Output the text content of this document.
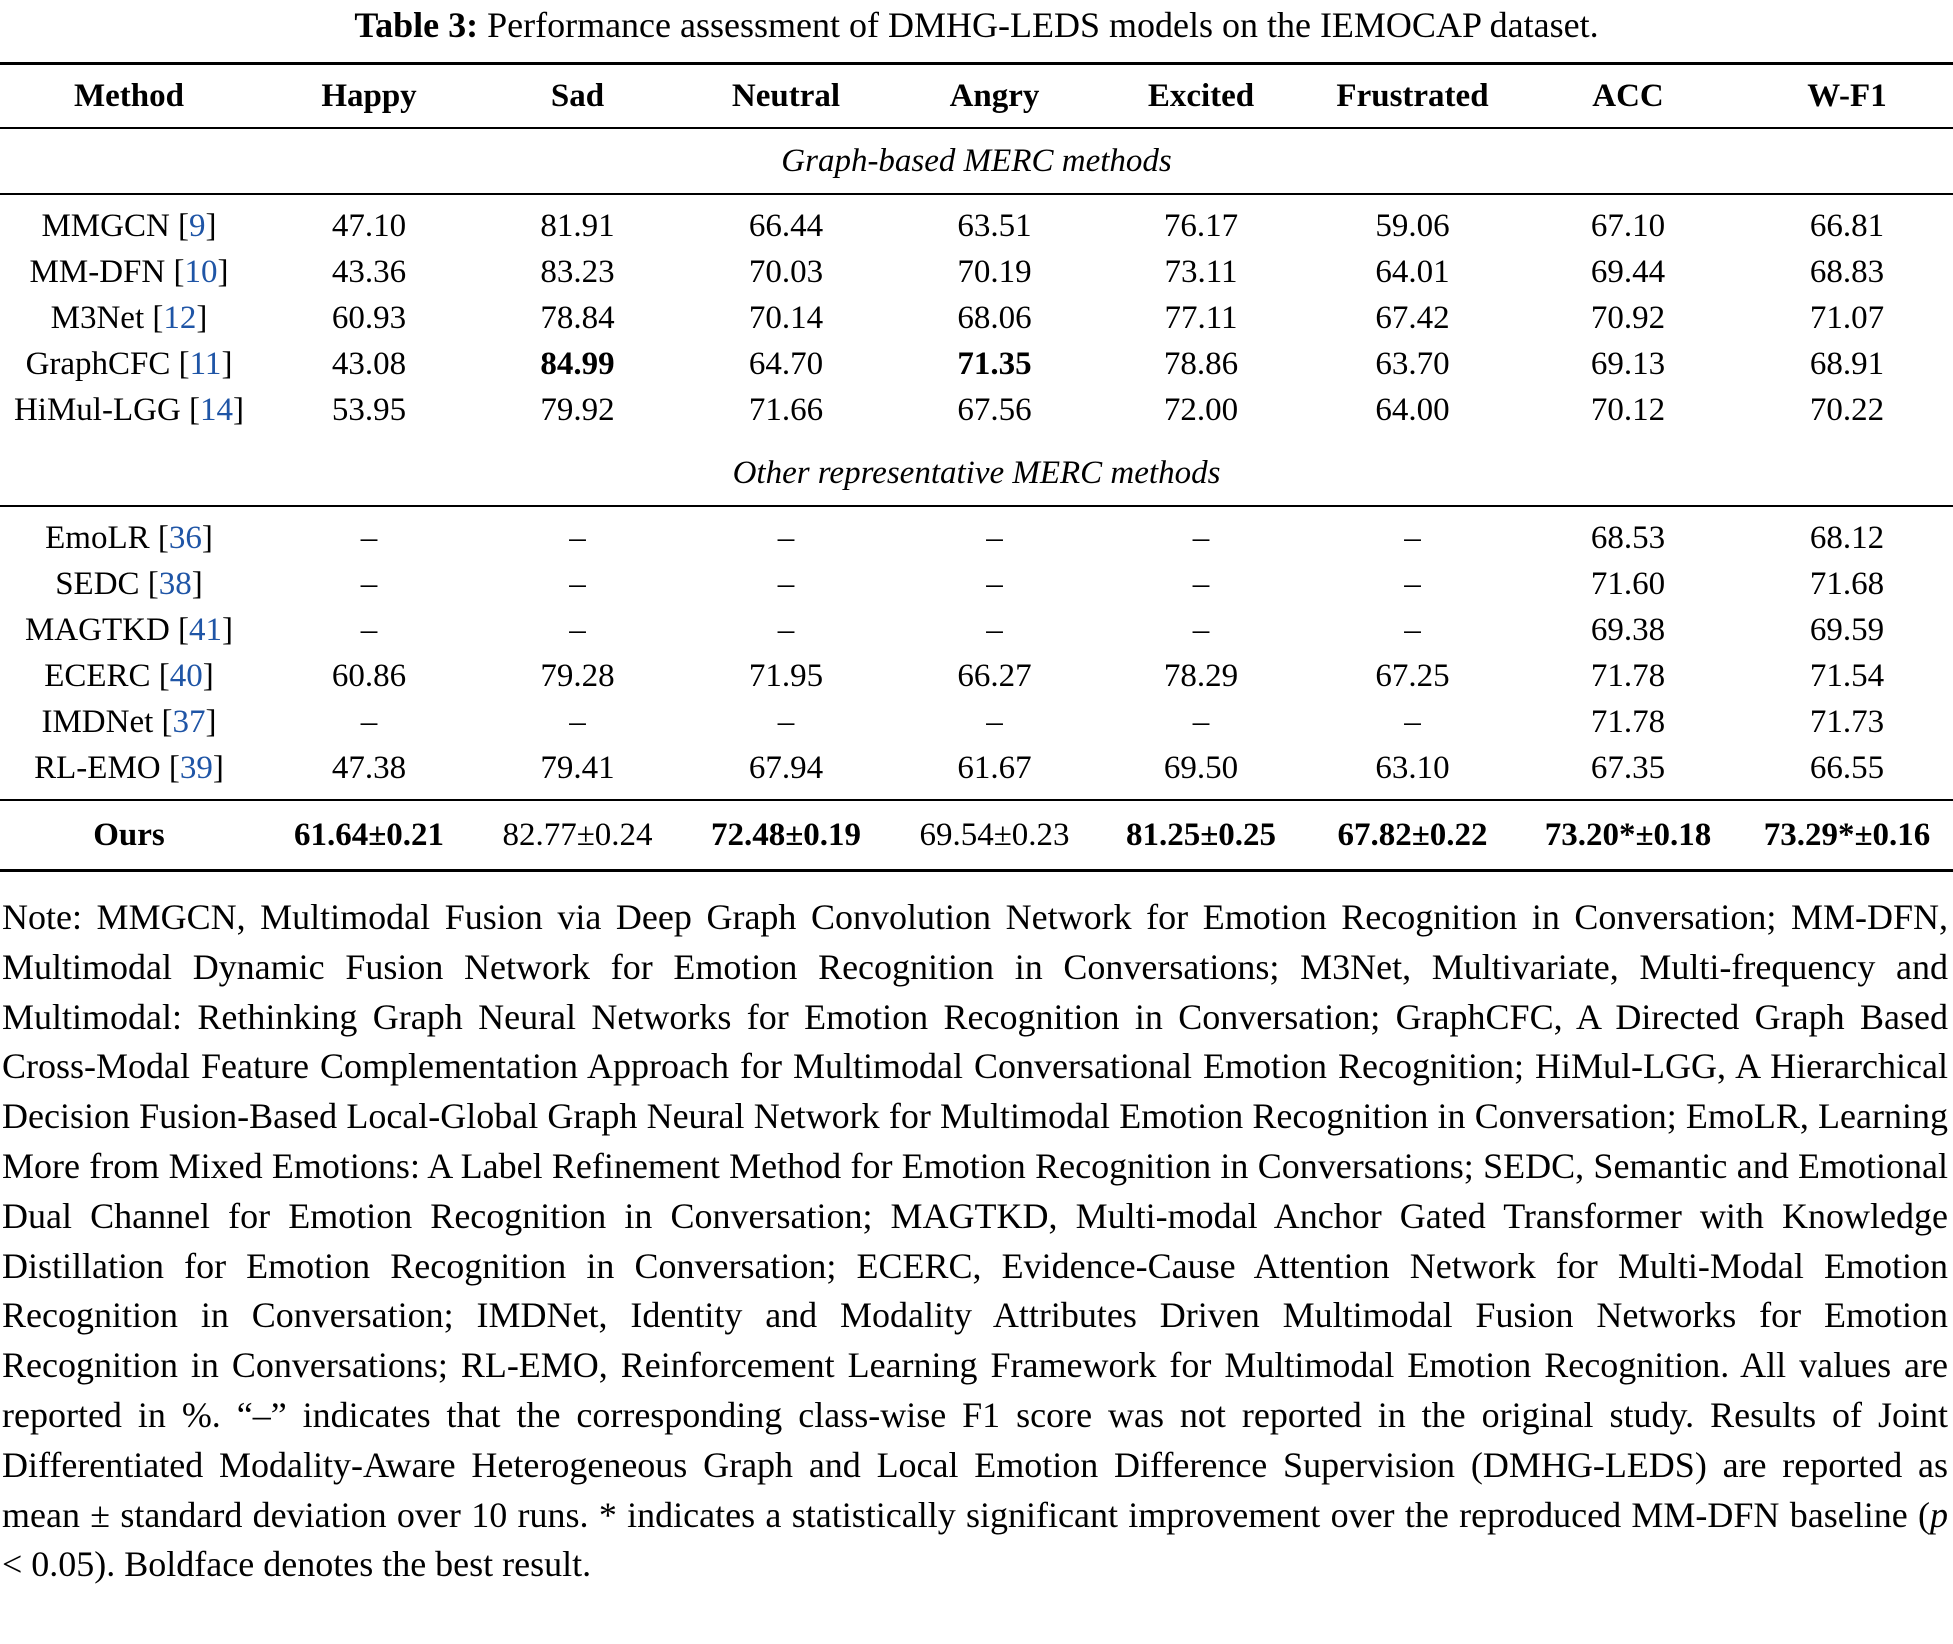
Table 3: Performance assessment of DMHG-LEDS models on the IEMOCAP dataset.
Method	Happy	Sad	Neutral	Angry	Excited	Frustrated	ACC	W-F1
Graph-based MERC methods								

MMGCN [9]	47.10	81.91	66.44	63.51	76.17	59.06	67.10	66.81
MM-DFN [10]	43.36	83.23	70.03	70.19	73.11	64.01	69.44	68.83
M3Net [12]	60.93	78.84	70.14	68.06	77.11	67.42	70.92	71.07
GraphCFC [11]	43.08	84.99	64.70	71.35	78.86	63.70	69.13	68.91
HiMul-LGG [14]	53.95	79.92	71.66	67.56	72.00	64.00	70.12	70.22

Other representative MERC methods								

EmoLR [36]	–	–	–	–	–	–	68.53	68.12
SEDC [38]	–	–	–	–	–	–	71.60	71.68
MAGTKD [41]	–	–	–	–	–	–	69.38	69.59
ECERC [40]	60.86	79.28	71.95	66.27	78.29	67.25	71.78	71.54
IMDNet [37]	–	–	–	–	–	–	71.78	71.73
RL-EMO [39]	47.38	79.41	67.94	61.67	69.50	63.10	67.35	66.55

Ours	61.64±0.21	82.77±0.24	72.48±0.19	69.54±0.23	81.25±0.25	67.82±0.22	73.20*±0.18	73.29*±0.16
Note: MMGCN, Multimodal Fusion via Deep Graph Convolution Network for Emotion Recognition in Conversation; MM-DFN, Multimodal Dynamic Fusion Network for Emotion Recognition in Conversations; M3Net, Multivariate, Multi-frequency and Multimodal: Rethinking Graph Neural Networks for Emotion Recognition in Conversation; GraphCFC, A Directed Graph Based Cross-Modal Feature Complementation Approach for Multimodal Conversational Emotion Recognition; HiMul-LGG, A Hierarchical Decision Fusion-Based Local-Global Graph Neural Network for Multimodal Emotion Recognition in Conversation; EmoLR, Learning More from Mixed Emotions: A Label Refinement Method for Emotion Recognition in Conversations; SEDC, Semantic and Emotional Dual Channel for Emotion Recognition in Conversation; MAGTKD, Multi-modal Anchor Gated Transformer with Knowledge Distillation for Emotion Recognition in Conversation; ECERC, Evidence-Cause Attention Network for Multi-Modal Emotion Recognition in Conversation; IMDNet, Identity and Modality Attributes Driven Multimodal Fusion Networks for Emotion Recognition in Conversations; RL-EMO, Reinforcement Learning Framework for Multimodal Emotion Recognition. All values are reported in %. “–” indicates that the corresponding class-wise F1 score was not reported in the original study. Results of Joint Differentiated Modality-Aware Heterogeneous Graph and Local Emotion Difference Supervision (DMHG-LEDS) are reported as mean ± standard deviation over 10 runs. * indicates a statistically significant improvement over the reproduced MM-DFN baseline (p < 0.05). Boldface denotes the best result.
